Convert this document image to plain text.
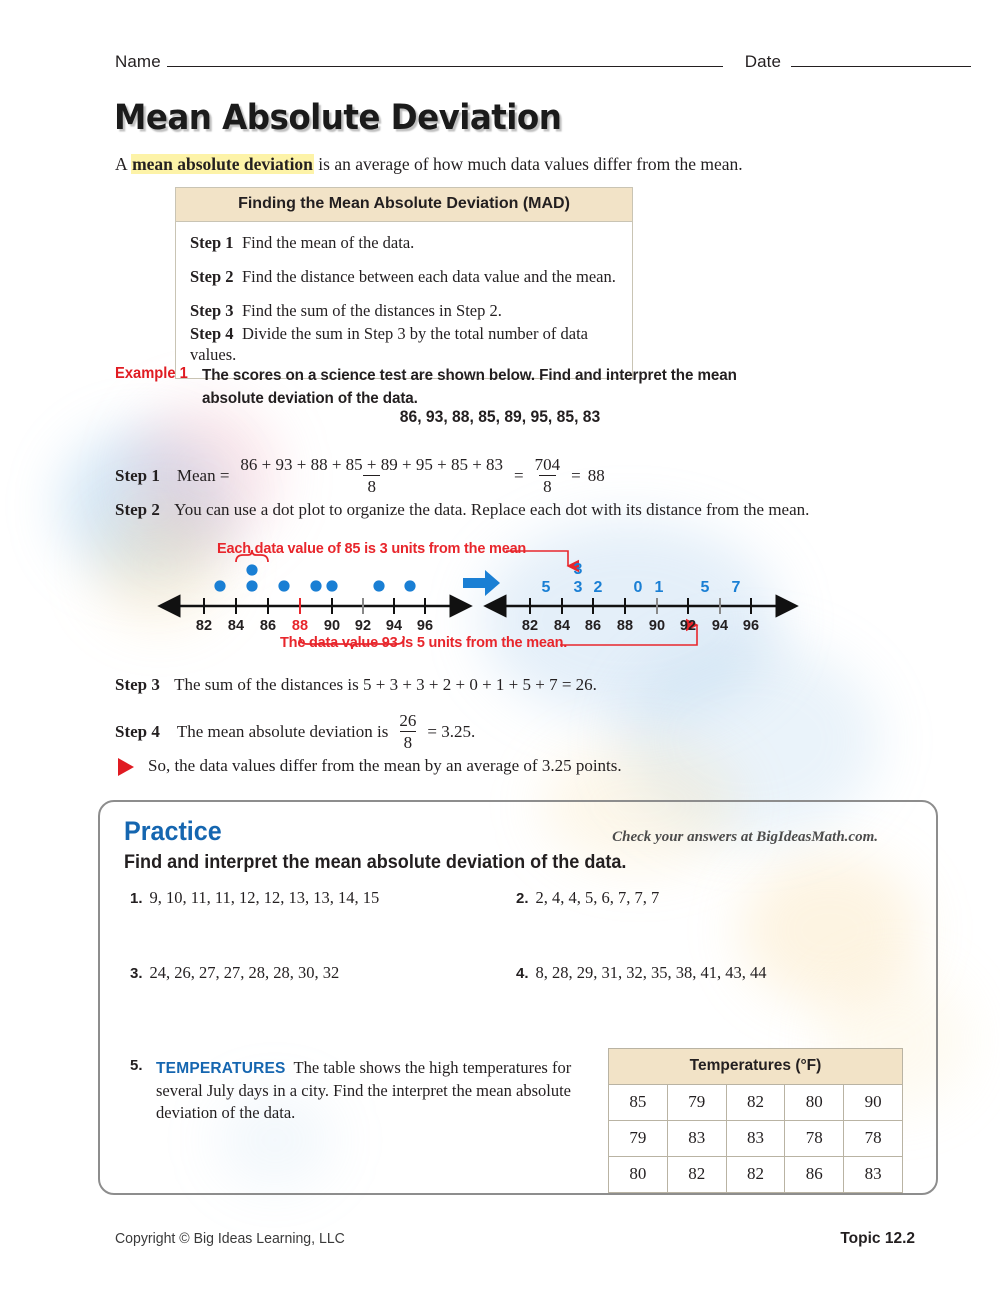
Name	Date
Mean Absolute Deviation
A mean absolute deviation is an average of how much data values differ from the mean.
Finding the Mean Absolute Deviation (MAD)
Step 1 Find the mean of the data.
Step 2 Find the distance between each data value and the mean.
Step 3 Find the sum of the distances in Step 2.
Step 4 Divide the sum in Step 3 by the total number of data values.
Example 1 The scores on a science test are shown below. Find and interpret the mean absolute deviation of the data.
86, 93, 88, 85, 89, 95, 85, 83
Step 1 Mean = $\frac{86 + 93 + 88 + 85 + 89 + 95 + 85 + 83}{8} = \frac{704}{8} = 88$
Step 2 You can use a dot plot to organize the data. Replace each dot with its distance from the mean.
82 84 86 88 90 92 94 96	82 84 86 88 90 92 94 96
5 3
3
2 0 1 5 7
Each data value of 85 is 3 units from the mean
The data value 93 is 5 units from the mean.
Step 3 The sum of the distances is 5 + 3 + 3 + 2 + 0 + 1 + 5 + 7 = 26.
Step 4 The mean absolute deviation is $\frac{26}{8} = 3.25$.
So, the data values differ from the mean by an average of 3.25 points.
Practice	Check your answers at BigIdeasMath.com.
Find and interpret the mean absolute deviation of the data.
1. 9, 10, 11, 11, 12, 12, 13, 13, 14, 15	2. 2, 4, 4, 5, 6, 7, 7, 7
3. 24, 26, 27, 27, 28, 28, 30, 32	4. 8, 28, 29, 31, 32, 35, 38, 41, 43, 44
5. TEMPERATURES The table shows the high temperatures for several July days in a city. Find the interpret the mean absolute deviation of the data.
Temperatures (°F)				
85	79	82	80	90
79	83	83	78	78
80	82	82	86	83
Copyright © Big Ideas Learning, LLC	Topic 12.2
